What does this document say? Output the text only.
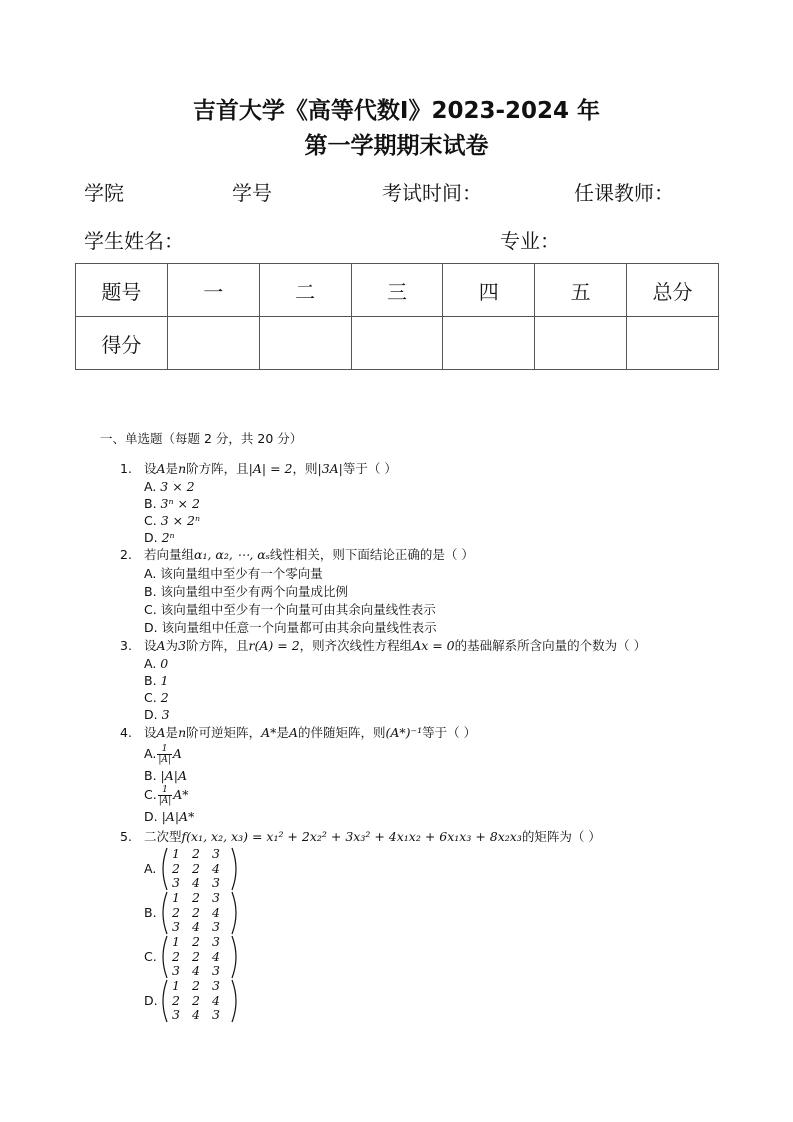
吉首大学《高等代数Ⅰ》2023-2024 年
第一学期期末试卷
学院	学号	考试时间：	任课教师：
学生姓名：	专业：
题号	一	二	三	四	五	总分
得分						
一、单选题（每题 2 分，共 20 分）
1. 设A是n阶方阵，且|A| = 2，则|3A|等于（ ）
A. 3 × 2
B. 3ⁿ × 2
C. 3 × 2ⁿ
D. 2ⁿ
2. 若向量组α₁, α₂, ⋯, αₛ线性相关，则下面结论正确的是（ ）
A. 该向量组中至少有一个零向量
B. 该向量组中至少有两个向量成比例
C. 该向量组中至少有一个向量可由其余向量线性表示
D. 该向量组中任意一个向量都可由其余向量线性表示
3. 设A为3阶方阵，且r(A) = 2，则齐次线性方程组Ax = 0的基础解系所含向量的个数为（ ）
A. 0
B. 1
C. 2
D. 3
4. 设A是n阶可逆矩阵，A*是A的伴随矩阵，则(A*)⁻¹等于（ ）
A. $\frac{1}{|A|}$ A
B. |A|A
C. $\frac{1}{|A|} A*$
D. |A|A*
5. 二次型f(x₁, x₂, x₃) = x₁² + 2x₂² + 3x₃² + 4x₁x₂ + 6x₁x₃ + 8x₂x₃的矩阵为（ ）
A.
1 2 3
2 2 4
3 4 3
B.
1 2 3
2 2 4
3 4 3
C.
1 2 3
2 2 4
3 4 3
D.
1 2 3
2 2 4
3 4 3
